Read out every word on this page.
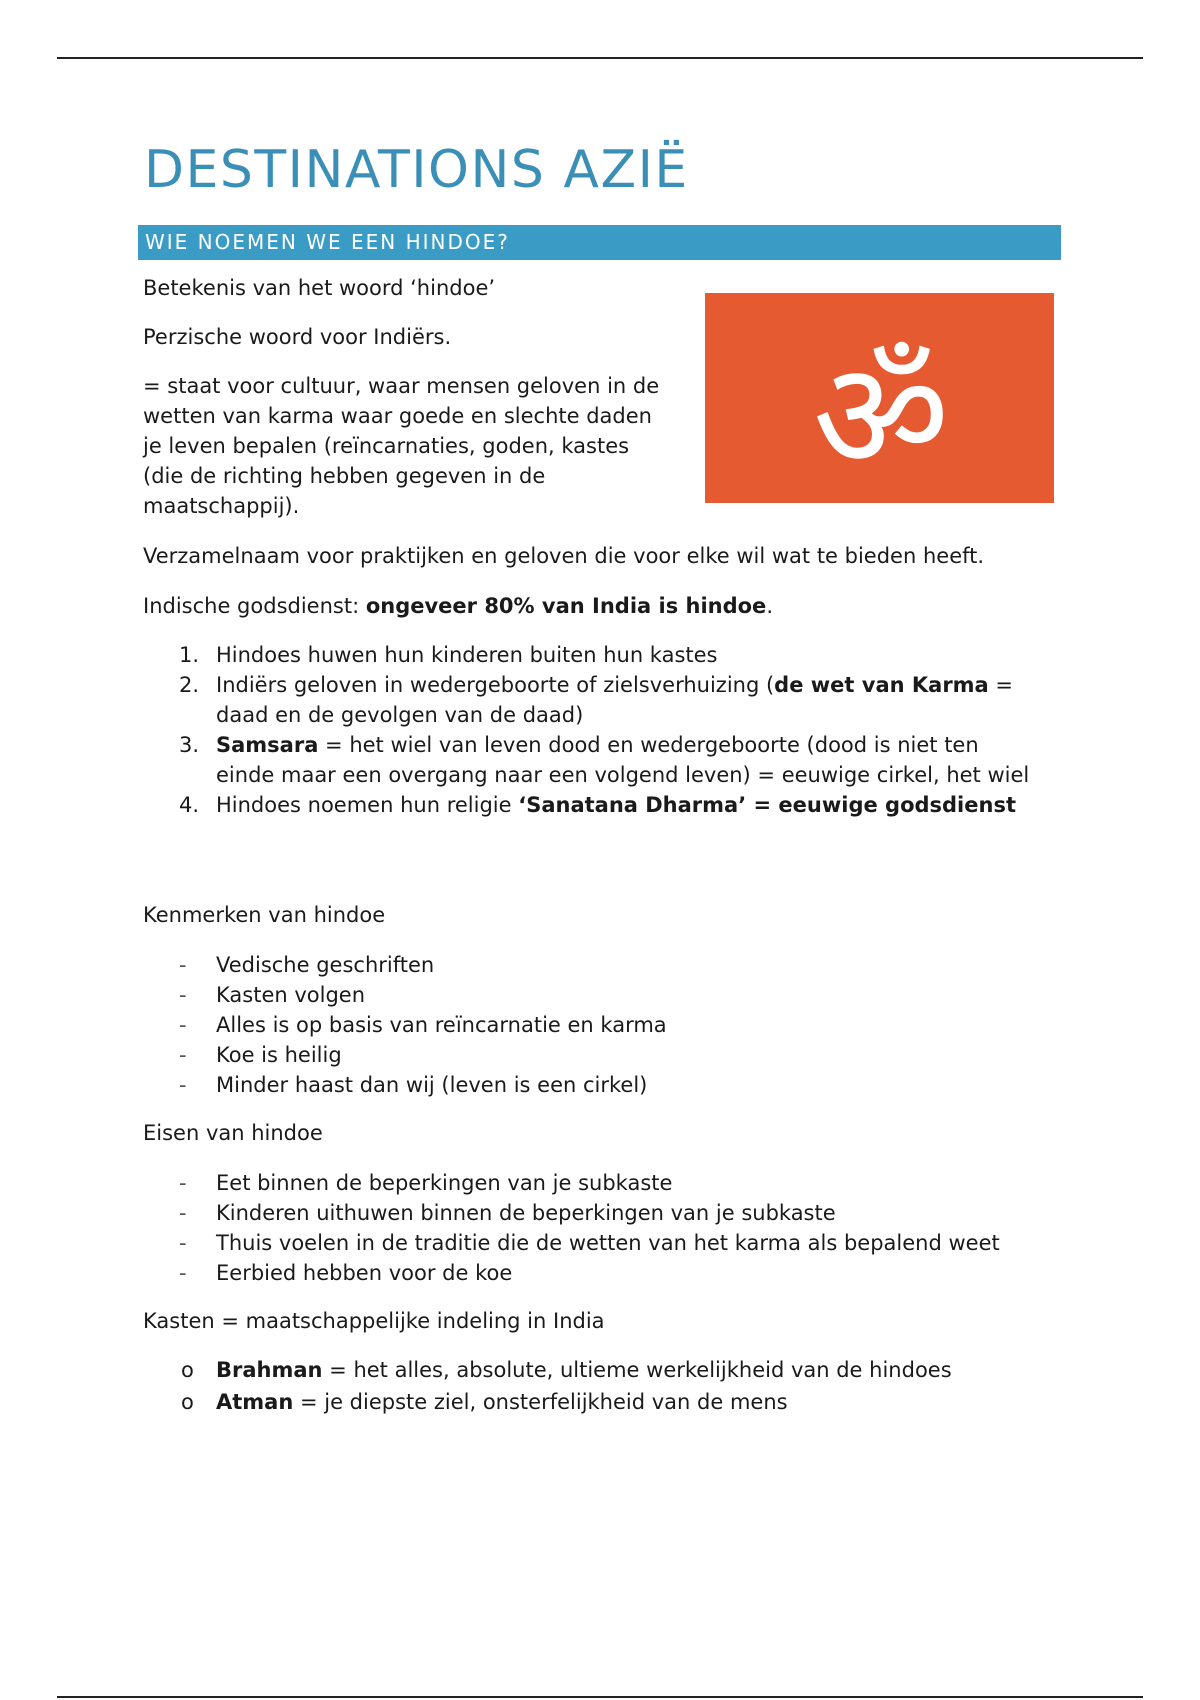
DESTINATIONS AZIË
WIE NOEMEN WE EEN HINDOE?

Betekenis van het woord ‘hindoe’

ॐ

Perzische woord voor Indiërs.

= staat voor cultuur, waar mensen geloven in de wetten van karma waar goede en slechte daden je leven bepalen (reïncarnaties, goden, kastes (die de richting hebben gegeven in de maatschappij).

Verzamelnaam voor praktijken en geloven die voor elke wil wat te bieden heeft.

Indische godsdienst: ongeveer 80% van India is hindoe.

1. Hindoes huwen hun kinderen buiten hun kastes
2. Indiërs geloven in wedergeboorte of zielsverhuizing (de wet van Karma = daad en de gevolgen van de daad)
3. Samsara = het wiel van leven dood en wedergeboorte (dood is niet ten einde maar een overgang naar een volgend leven) = eeuwige cirkel, het wiel
4. Hindoes noemen hun religie ‘Sanatana Dharma’ = eeuwige godsdienst

Kenmerken van hindoe

- Vedische geschriften
- Kasten volgen
- Alles is op basis van reïncarnatie en karma
- Koe is heilig
- Minder haast dan wij (leven is een cirkel)

Eisen van hindoe

- Eet binnen de beperkingen van je subkaste
- Kinderen uithuwen binnen de beperkingen van je subkaste
- Thuis voelen in de traditie die de wetten van het karma als bepalend weet
- Eerbied hebben voor de koe

Kasten = maatschappelijke indeling in India

o Brahman = het alles, absolute, ultieme werkelijkheid van de hindoes
o Atman = je diepste ziel, onsterfelijkheid van de mens
